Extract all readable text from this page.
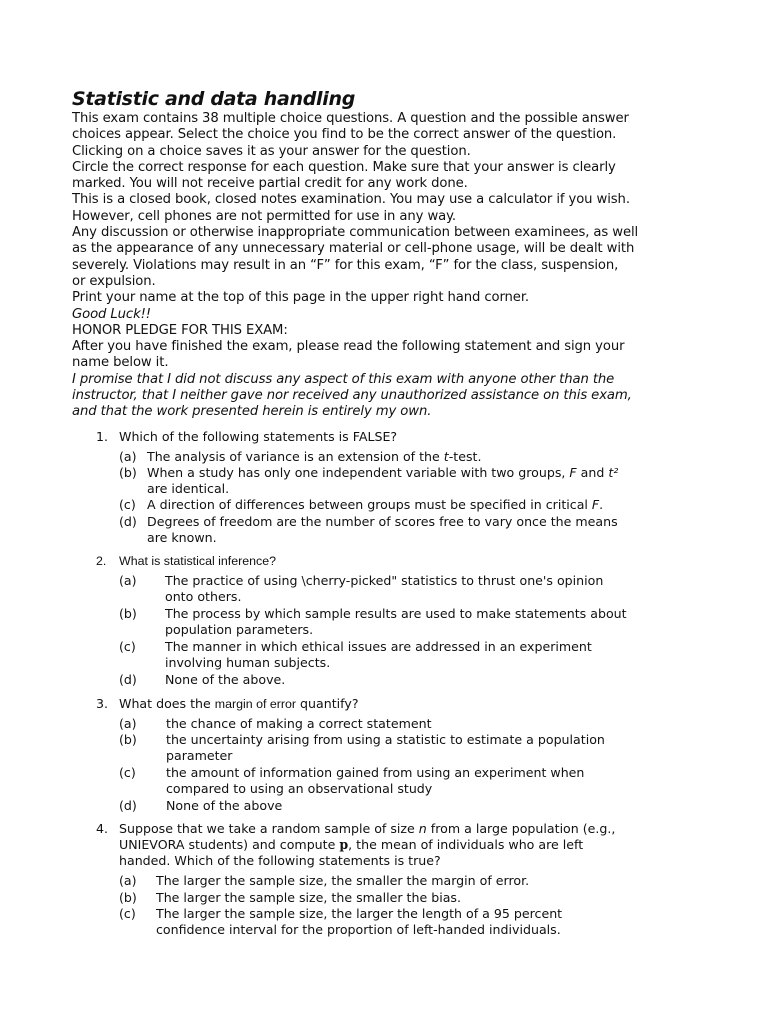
Statistic and data handling
This exam contains 38 multiple choice questions. A question and the possible answer
choices appear. Select the choice you find to be the correct answer of the question.
Clicking on a choice saves it as your answer for the question.
Circle the correct response for each question. Make sure that your answer is clearly
marked. You will not receive partial credit for any work done.
This is a closed book, closed notes examination. You may use a calculator if you wish.
However, cell phones are not permitted for use in any way.
Any discussion or otherwise inappropriate communication between examinees, as well
as the appearance of any unnecessary material or cell-phone usage, will be dealt with
severely. Violations may result in an “F” for this exam, “F” for the class, suspension,
or expulsion.
Print your name at the top of this page in the upper right hand corner.
Good Luck!!
HONOR PLEDGE FOR THIS EXAM:
After you have finished the exam, please read the following statement and sign your
name below it.
I promise that I did not discuss any aspect of this exam with anyone other than the
instructor, that I neither gave nor received any unauthorized assistance on this exam,
and that the work presented herein is entirely my own.
1. Which of the following statements is FALSE?
(a) The analysis of variance is an extension of the t-test.
(b) When a study has only one independent variable with two groups, F and t²
are identical.
(c) A direction of differences between groups must be specified in critical F.
(d) Degrees of freedom are the number of scores free to vary once the means
are known.
2. What is statistical inference?
(a) The practice of using \cherry-picked" statistics to thrust one's opinion
onto others.
(b) The process by which sample results are used to make statements about
population parameters.
(c) The manner in which ethical issues are addressed in an experiment
involving human subjects.
(d) None of the above.
3. What does the margin of error quantify?
(a) the chance of making a correct statement
(b) the uncertainty arising from using a statistic to estimate a population
parameter
(c) the amount of information gained from using an experiment when
compared to using an observational study
(d) None of the above
4. Suppose that we take a random sample of size n from a large population (e.g.,
UNIEVORA students) and compute p, the mean of individuals who are left
handed. Which of the following statements is true?
(a) The larger the sample size, the smaller the margin of error.
(b) The larger the sample size, the smaller the bias.
(c) The larger the sample size, the larger the length of a 95 percent
confidence interval for the proportion of left-handed individuals.
